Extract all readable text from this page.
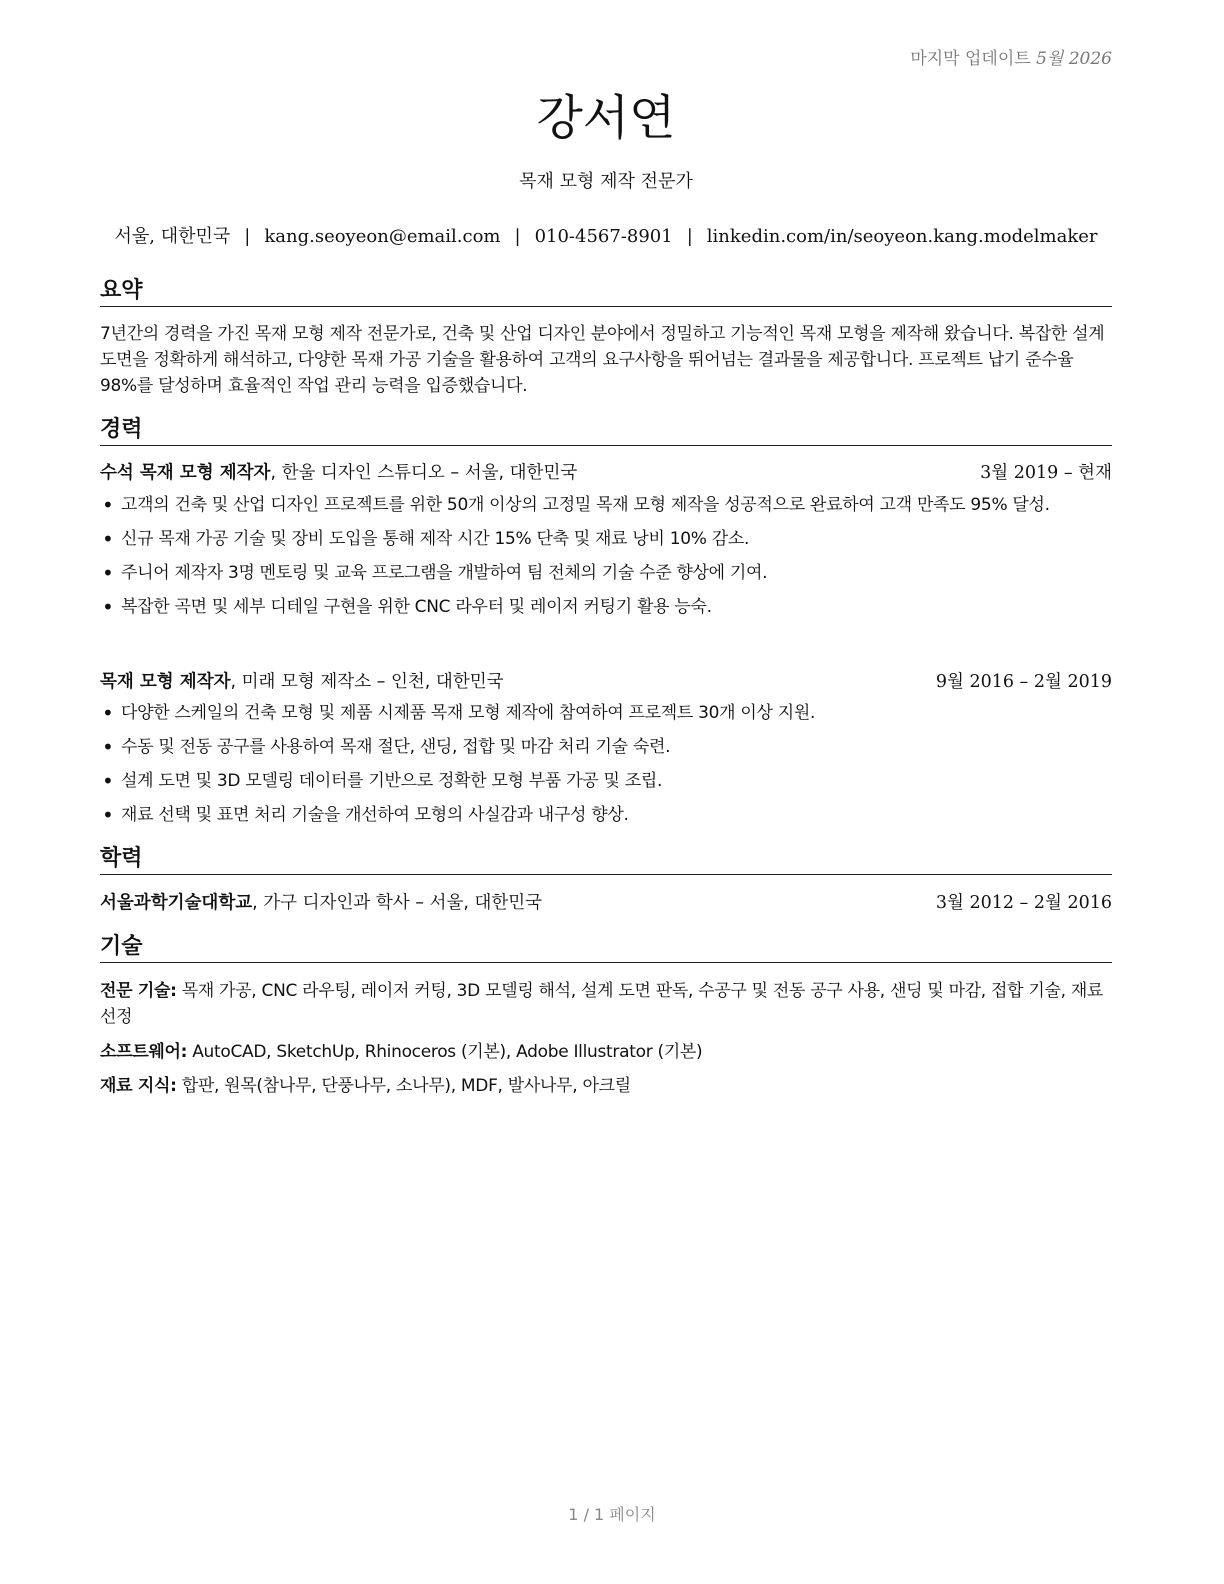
마지막 업데이트 5월 2026
강서연
목재 모형 제작 전문가
서울, 대한민국 | kang.seoyeon@email.com | 010-4567-8901 | linkedin.com/in/seoyeon.kang.modelmaker
요약
7년간의 경력을 가진 목재 모형 제작 전문가로, 건축 및 산업 디자인 분야에서 정밀하고 기능적인 목재 모형을 제작해 왔습니다. 복잡한 설계 도면을 정확하게 해석하고, 다양한 목재 가공 기술을 활용하여 고객의 요구사항을 뛰어넘는 결과물을 제공합니다. 프로젝트 납기 준수율 98%를 달성하며 효율적인 작업 관리 능력을 입증했습니다.
경력
수석 목재 모형 제작자, 한울 디자인 스튜디오 – 서울, 대한민국	3월 2019 – 현재
• 고객의 건축 및 산업 디자인 프로젝트를 위한 50개 이상의 고정밀 목재 모형 제작을 성공적으로 완료하여 고객 만족도 95% 달성.
• 신규 목재 가공 기술 및 장비 도입을 통해 제작 시간 15% 단축 및 재료 낭비 10% 감소.
• 주니어 제작자 3명 멘토링 및 교육 프로그램을 개발하여 팀 전체의 기술 수준 향상에 기여.
• 복잡한 곡면 및 세부 디테일 구현을 위한 CNC 라우터 및 레이저 커팅기 활용 능숙.
목재 모형 제작자, 미래 모형 제작소 – 인천, 대한민국	9월 2016 – 2월 2019
• 다양한 스케일의 건축 모형 및 제품 시제품 목재 모형 제작에 참여하여 프로젝트 30개 이상 지원.
• 수동 및 전동 공구를 사용하여 목재 절단, 샌딩, 접합 및 마감 처리 기술 숙련.
• 설계 도면 및 3D 모델링 데이터를 기반으로 정확한 모형 부품 가공 및 조립.
• 재료 선택 및 표면 처리 기술을 개선하여 모형의 사실감과 내구성 향상.
학력
서울과학기술대학교, 가구 디자인과 학사 – 서울, 대한민국	3월 2012 – 2월 2016
기술
전문 기술: 목재 가공, CNC 라우팅, 레이저 커팅, 3D 모델링 해석, 설계 도면 판독, 수공구 및 전동 공구 사용, 샌딩 및 마감, 접합 기술, 재료 선정
소프트웨어: AutoCAD, SketchUp, Rhinoceros (기본), Adobe Illustrator (기본)
재료 지식: 합판, 원목(참나무, 단풍나무, 소나무), MDF, 발사나무, 아크릴
1 / 1 페이지
